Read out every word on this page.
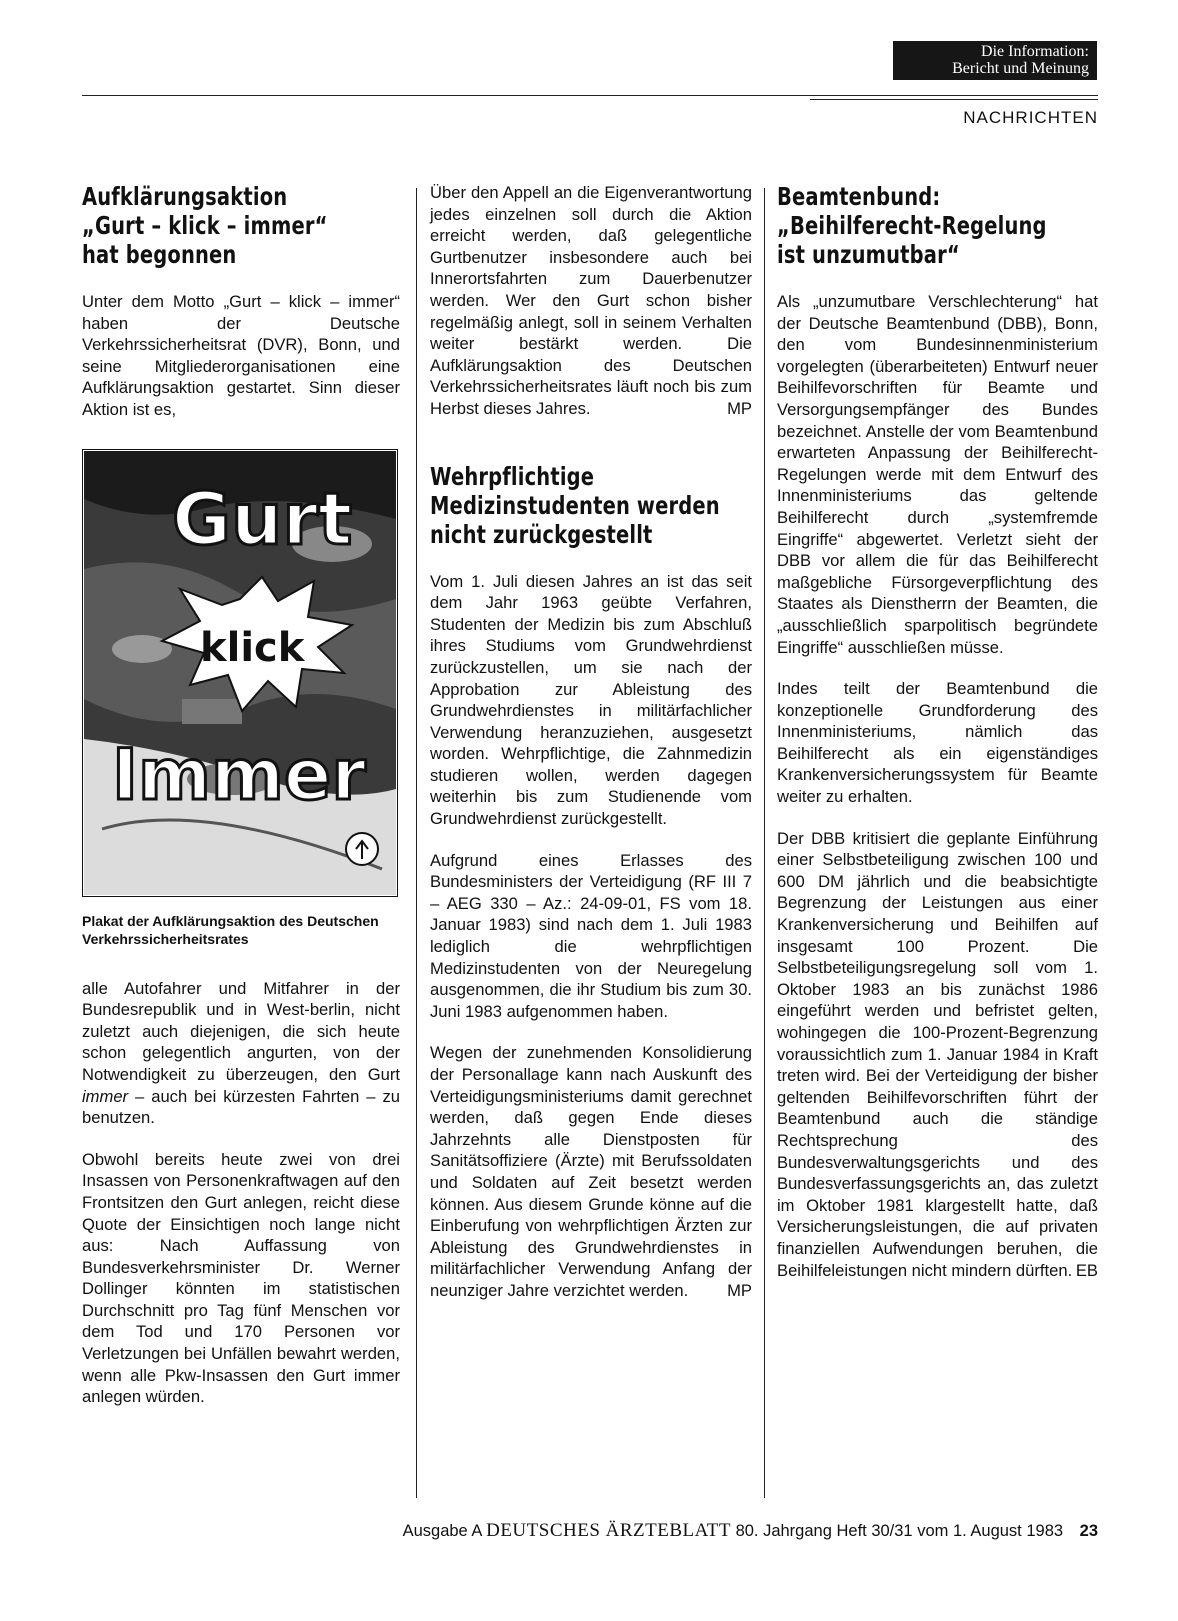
Die Information:
Bericht und Meinung
NACHRICHTEN
Aufklärungsaktion
„Gurt – klick – immer“
hat begonnen

Unter dem Motto „Gurt – klick – immer“ haben der Deutsche Verkehrssicherheitsrat (DVR), Bonn, und seine Mitgliederorganisationen eine Aufklärungsaktion gestartet. Sinn dieser Aktion ist es,

Gurt
klick
Immer
Plakat der Aufklärungsaktion des Deutschen Verkehrssicherheitsrates

alle Autofahrer und Mitfahrer in der Bundesrepublik und in West-berlin, nicht zuletzt auch diejenigen, die sich heute schon gelegentlich angurten, von der Notwendigkeit zu überzeugen, den Gurt immer – auch bei kürzesten Fahrten – zu benutzen.

Obwohl bereits heute zwei von drei Insassen von Personenkraftwagen auf den Frontsitzen den Gurt anlegen, reicht diese Quote der Einsichtigen noch lange nicht aus: Nach Auffassung von Bundesverkehrsminister Dr. Werner Dollinger könnten im statistischen Durchschnitt pro Tag fünf Menschen vor dem Tod und 170 Personen vor Verletzungen bei Unfällen bewahrt werden, wenn alle Pkw-Insassen den Gurt immer anlegen würden.

Über den Appell an die Eigenverantwortung jedes einzelnen soll durch die Aktion erreicht werden, daß gelegentliche Gurtbenutzer insbesondere auch bei Innerortsfahrten zum Dauerbenutzer werden. Wer den Gurt schon bisher regelmäßig anlegt, soll in seinem Verhalten weiter bestärkt werden. Die Aufklärungsaktion des Deutschen Verkehrssicherheitsrates läuft noch bis zum Herbst dieses Jahres.	MP

Wehrpflichtige
Medizinstudenten werden
nicht zurückgestellt

Vom 1. Juli diesen Jahres an ist das seit dem Jahr 1963 geübte Verfahren, Studenten der Medizin bis zum Abschluß ihres Studiums vom Grundwehrdienst zurückzustellen, um sie nach der Approbation zur Ableistung des Grundwehrdienstes in militärfachlicher Verwendung heranzuziehen, ausgesetzt worden. Wehrpflichtige, die Zahnmedizin studieren wollen, werden dagegen weiterhin bis zum Studienende vom Grundwehrdienst zurückgestellt.

Aufgrund eines Erlasses des Bundesministers der Verteidigung (RF III 7 – AEG 330 – Az.: 24-09-01, FS vom 18. Januar 1983) sind nach dem 1. Juli 1983 lediglich die wehrpflichtigen Medizinstudenten von der Neuregelung ausgenommen, die ihr Studium bis zum 30. Juni 1983 aufgenommen haben.

Wegen der zunehmenden Konsolidierung der Personallage kann nach Auskunft des Verteidigungsministeriums damit gerechnet werden, daß gegen Ende dieses Jahrzehnts alle Dienstposten für Sanitätsoffiziere (Ärzte) mit Berufssoldaten und Soldaten auf Zeit besetzt werden können. Aus diesem Grunde könne auf die Einberufung von wehrpflichtigen Ärzten zur Ableistung des Grundwehrdienstes in militärfachlicher Verwendung Anfang der neunziger Jahre verzichtet werden. MP

Beamtenbund:
„Beihilferecht-Regelung
ist unzumutbar“

Als „unzumutbare Verschlechterung“ hat der Deutsche Beamtenbund (DBB), Bonn, den vom Bundesinnenministerium vorgelegten (überarbeiteten) Entwurf neuer Beihilfevorschriften für Beamte und Versorgungsempfänger des Bundes bezeichnet. Anstelle der vom Beamtenbund erwarteten Anpassung der Beihilferecht-Regelungen werde mit dem Entwurf des Innenministeriums das geltende Beihilferecht durch „systemfremde Eingriffe“ abgewertet. Verletzt sieht der DBB vor allem die für das Beihilferecht maßgebliche Fürsorgeverpflichtung des Staates als Dienstherrn der Beamten, die „ausschließlich sparpolitisch begründete Eingriffe“ ausschließen müsse.

Indes teilt der Beamtenbund die konzeptionelle Grundforderung des Innenministeriums, nämlich das Beihilferecht als ein eigenständiges Krankenversicherungssystem für Beamte weiter zu erhalten.

Der DBB kritisiert die geplante Einführung einer Selbstbeteiligung zwischen 100 und 600 DM jährlich und die beabsichtigte Begrenzung der Leistungen aus einer Krankenversicherung und Beihilfen auf insgesamt 100 Prozent. Die Selbstbeteiligungsregelung soll vom 1. Oktober 1983 an bis zunächst 1986 eingeführt werden und befristet gelten, wohingegen die 100-Prozent-Begrenzung voraussichtlich zum 1. Januar 1984 in Kraft treten wird. Bei der Verteidigung der bisher geltenden Beihilfevorschriften führt der Beamtenbund auch die ständige Rechtsprechung des Bundesverwaltungsgerichts und des Bundesverfassungsgerichts an, das zuletzt im Oktober 1981 klargestellt hatte, daß Versicherungsleistungen, die auf privaten finanziellen Aufwendungen beruhen, die Beihilfeleistungen nicht mindern dürften. EB

Ausgabe A DEUTSCHES ÄRZTEBLATT 80. Jahrgang Heft 30/31 vom 1. August 1983 23
